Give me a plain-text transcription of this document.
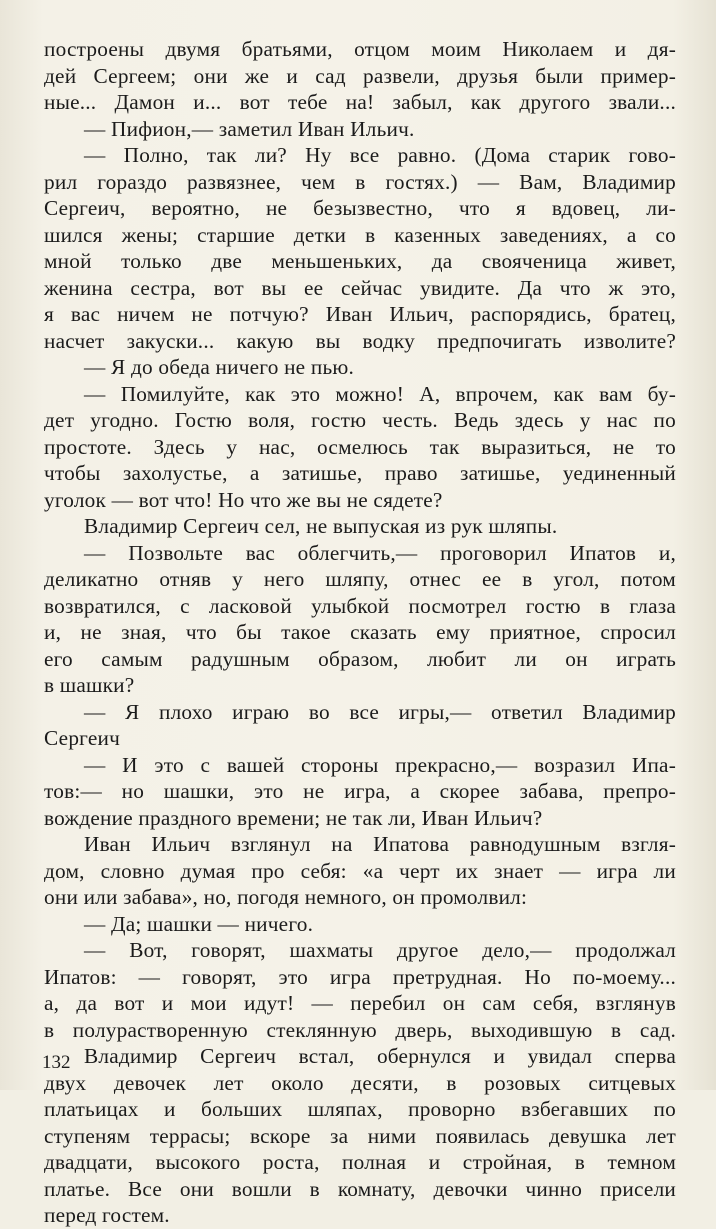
построены двумя братьями, отцом моим Николаем и дя-
дей Сергеем; они же и сад развели, друзья были пример-
ные... Дамон и... вот тебе на! забыл, как другого звали...
— Пифион,— заметил Иван Ильич.
— Полно, так ли? Ну все равно. (Дома старик гово-
рил гораздо развязнее, чем в гостях.) — Вам, Владимир
Сергеич, вероятно, не безызвестно, что я вдовец, ли-
шился жены; старшие детки в казенных заведениях, а со
мной только две меньшеньких, да свояченица живет,
женина сестра, вот вы ее сейчас увидите. Да что ж это,
я вас ничем не потчую? Иван Ильич, распорядись, братец,
насчет закуски... какую вы водку предпочигать изволите?
— Я до обеда ничего не пью.
— Помилуйте, как это можно! А, впрочем, как вам бу-
дет угодно. Гостю воля, гостю честь. Ведь здесь у нас по
простоте. Здесь у нас, осмелюсь так выразиться, не то
чтобы захолустье, а затишье, право затишье, уединенный
уголок — вот что! Но что же вы не сядете?
Владимир Сергеич сел, не выпуская из рук шляпы.
— Позвольте вас облегчить,— проговорил Ипатов и,
деликатно отняв у него шляпу, отнес ее в угол, потом
возвратился, с ласковой улыбкой посмотрел гостю в глаза
и, не зная, что бы такое сказать ему приятное, спросил
его самым радушным образом, любит ли он играть
в шашки?
— Я плохо играю во все игры,— ответил Владимир
Сергеич
— И это с вашей стороны прекрасно,— возразил Ипа-
тов:— но шашки, это не игра, а скорее забава, препро-
вождение праздного времени; не так ли, Иван Ильич?
Иван Ильич взглянул на Ипатова равнодушным взгля-
дом, словно думая про себя: «а черт их знает — игра ли
они или забава», но, погодя немного, он промолвил:
— Да; шашки — ничего.
— Вот, говорят, шахматы другое дело,— продолжал
Ипатов: — говорят, это игра претрудная. Но по-моему...
а, да вот и мои идут! — перебил он сам себя, взглянув
в полурастворенную стеклянную дверь, выходившую в сад.
Владимир Сергеич встал, обернулся и увидал сперва
двух девочек лет около десяти, в розовых ситцевых
платьицах и больших шляпах, проворно взбегавших по
ступеням террасы; вскоре за ними появилась девушка лет
двадцати, высокого роста, полная и стройная, в темном
платье. Все они вошли в комнату, девочки чинно присели
перед гостем.
132
